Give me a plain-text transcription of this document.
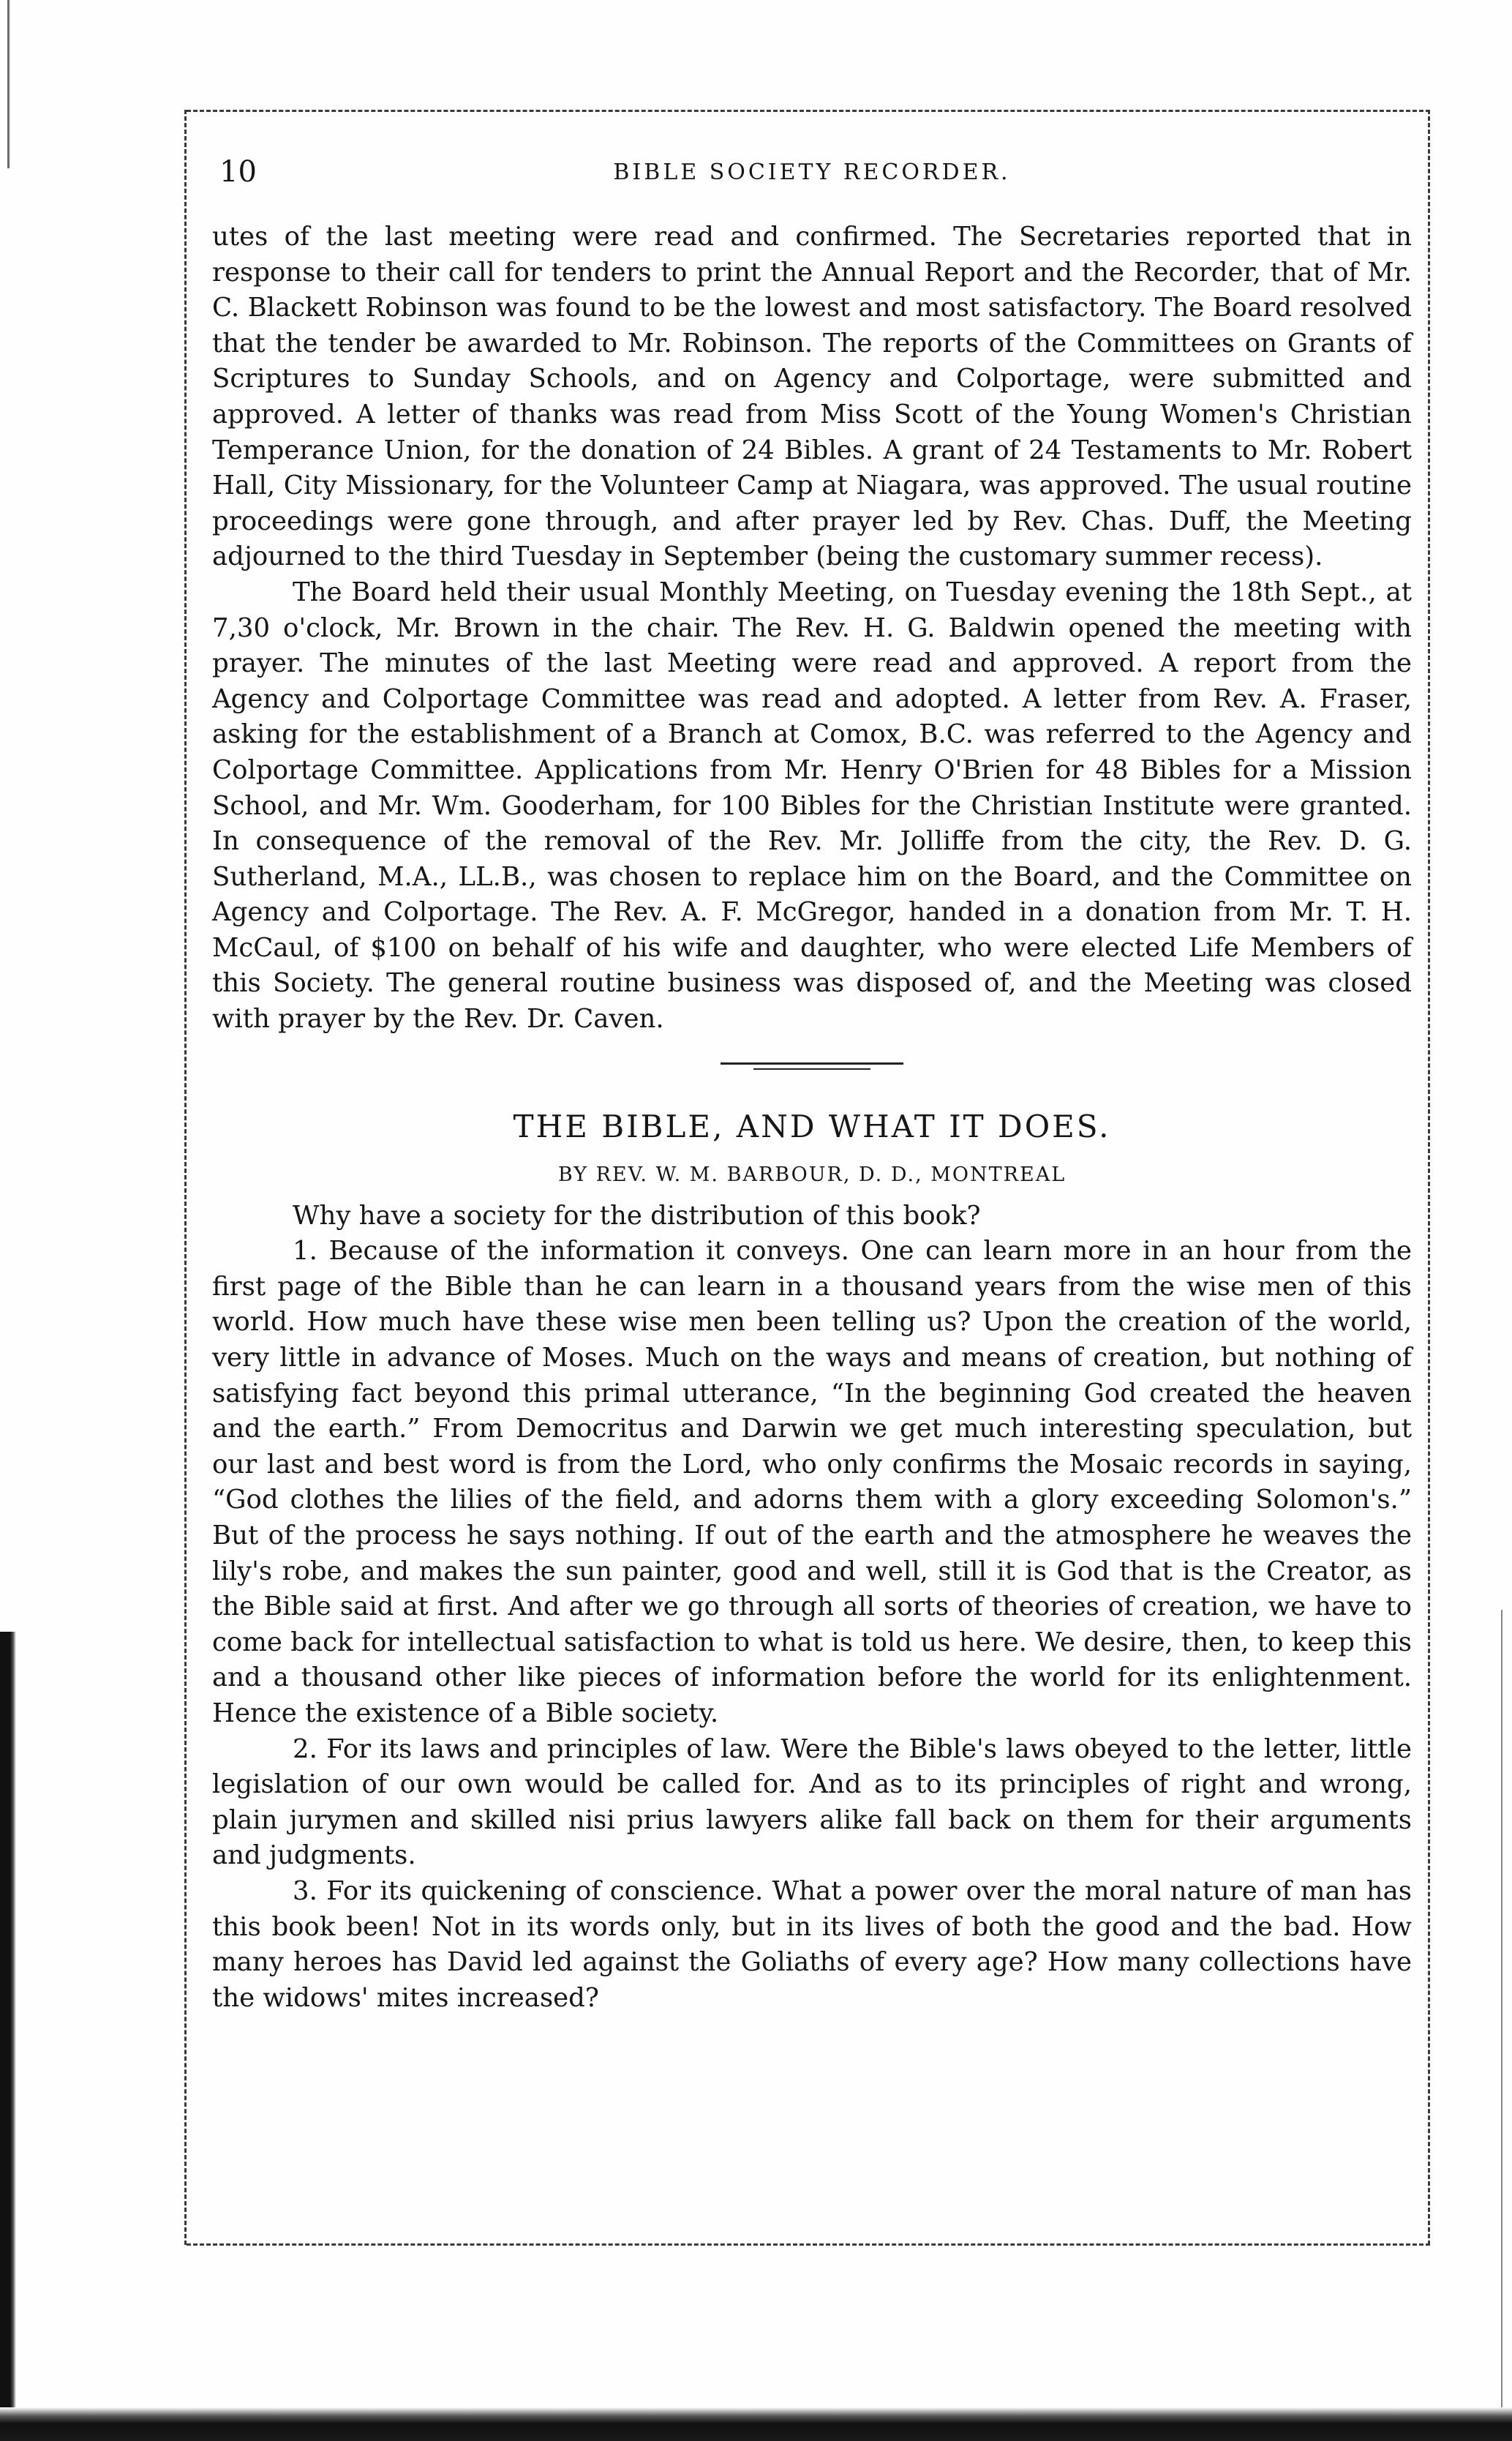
10	BIBLE SOCIETY RECORDER.

utes of the last meeting were read and confirmed. The Secretaries reported that in response to their call for tenders to print the Annual Report and the Recorder, that of Mr. C. Blackett Robinson was found to be the lowest and most satisfactory. The Board resolved that the tender be awarded to Mr. Robinson. The reports of the Committees on Grants of Scriptures to Sunday Schools, and on Agency and Colportage, were submitted and approved. A letter of thanks was read from Miss Scott of the Young Women's Christian Temperance Union, for the donation of 24 Bibles. A grant of 24 Testaments to Mr. Robert Hall, City Missionary, for the Volunteer Camp at Niagara, was approved. The usual routine proceedings were gone through, and after prayer led by Rev. Chas. Duff, the Meeting adjourned to the third Tuesday in September (being the customary summer recess).

The Board held their usual Monthly Meeting, on Tuesday evening the 18th Sept., at 7,30 o'clock, Mr. Brown in the chair. The Rev. H. G. Baldwin opened the meeting with prayer. The minutes of the last Meeting were read and approved. A report from the Agency and Colportage Committee was read and adopted. A letter from Rev. A. Fraser, asking for the establishment of a Branch at Comox, B.C. was referred to the Agency and Colportage Committee. Applications from Mr. Henry O'Brien for 48 Bibles for a Mission School, and Mr. Wm. Gooderham, for 100 Bibles for the Christian Institute were granted. In consequence of the removal of the Rev. Mr. Jolliffe from the city, the Rev. D. G. Sutherland, M.A., LL.B., was chosen to replace him on the Board, and the Committee on Agency and Colportage. The Rev. A. F. McGregor, handed in a donation from Mr. T. H. McCaul, of $100 on behalf of his wife and daughter, who were elected Life Members of this Society. The general routine business was disposed of, and the Meeting was closed with prayer by the Rev. Dr. Caven.

THE BIBLE, AND WHAT IT DOES.
BY REV. W. M. BARBOUR, D. D., MONTREAL

Why have a society for the distribution of this book?

1. Because of the information it conveys. One can learn more in an hour from the first page of the Bible than he can learn in a thousand years from the wise men of this world. How much have these wise men been telling us? Upon the creation of the world, very little in advance of Moses. Much on the ways and means of creation, but nothing of satisfying fact beyond this primal utterance, “In the beginning God created the heaven and the earth.” From Democritus and Darwin we get much interesting speculation, but our last and best word is from the Lord, who only confirms the Mosaic records in saying, “God clothes the lilies of the field, and adorns them with a glory exceeding Solomon's.” But of the process he says nothing. If out of the earth and the atmosphere he weaves the lily's robe, and makes the sun painter, good and well, still it is God that is the Creator, as the Bible said at first. And after we go through all sorts of theories of creation, we have to come back for intellectual satisfaction to what is told us here. We desire, then, to keep this and a thousand other like pieces of information before the world for its enlightenment. Hence the existence of a Bible society.

2. For its laws and principles of law. Were the Bible's laws obeyed to the letter, little legislation of our own would be called for. And as to its principles of right and wrong, plain jurymen and skilled nisi prius lawyers alike fall back on them for their arguments and judgments.

3. For its quickening of conscience. What a power over the moral nature of man has this book been! Not in its words only, but in its lives of both the good and the bad. How many heroes has David led against the Goliaths of every age? How many collections have the widows' mites increased?
